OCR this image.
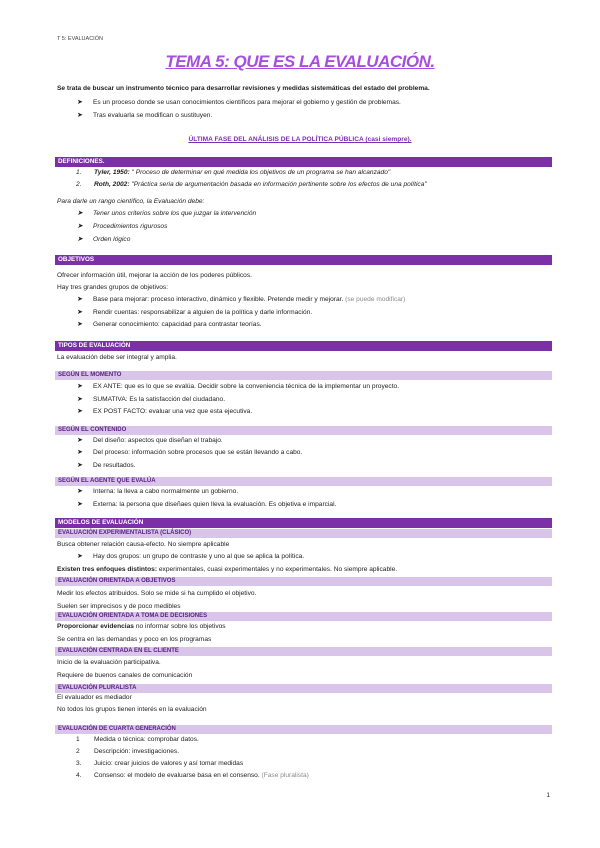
T 5: EVALUACIÓN
TEMA 5: QUE ES LA EVALUACIÓN.
Se trata de buscar un instrumento técnico para desarrollar revisiones y medidas sistemáticas del estado del problema.
➤ Es un proceso donde se usan conocimientos científicos para mejorar el gobierno y gestión de problemas.
➤ Tras evaluarla se modifican o sustituyen.
ÚLTIMA FASE DEL ANÁLISIS DE LA POLÍTICA PÚBLICA (casi siempre).
DEFINICIONES.
1. Tyler, 1950: " Proceso de determinar en qué medida los objetivos de un programa se han alcanzado"
2. Roth, 2002: "Práctica seria de argumentación basada en información pertinente sobre los efectos de una política"
Para darle un rango científico, la Evaluación debe:
➤ Tener unos criterios sobre los que juzgar la intervención
➤ Procedimientos rigurosos
➤ Orden lógico
OBJETIVOS
Ofrecer información útil, mejorar la acción de los poderes públicos.
Hay tres grandes grupos de objetivos:
➤ Base para mejorar: proceso interactivo, dinámico y flexible. Pretende medir y mejorar. (se puede modificar)
➤ Rendir cuentas: responsabilizar a alguien de la política y darle información.
➤ Generar conocimiento: capacidad para contrastar teorías.
TIPOS DE EVALUACIÓN
La evaluación debe ser integral y amplia.
SEGÚN EL MOMENTO
➤ EX ANTE: que es lo que se evalúa. Decidir sobre la conveniencia técnica de la implementar un proyecto.
➤ SUMATIVA: Es la satisfacción del ciudadano.
➤ EX POST FACTO: evaluar una vez que esta ejecutiva.
SEGÚN EL CONTENIDO
➤ Del diseño: aspectos que diseñan el trabajo.
➤ Del proceso: información sobre procesos que se están llevando a cabo.
➤ De resultados.
SEGÚN EL AGENTE QUE EVALÚA
➤ Interna: la lleva a cabo normalmente un gobierno.
➤ Externa: la persona que diseñaes quien lleva la evaluación. Es objetiva e imparcial.
MODELOS DE EVALUACIÓN
EVALUACIÓN EXPERIMENTALISTA (CLÁSICO)
Busca obtener relación causa-efecto. No siempre aplicable
➤ Hay dos grupos: un grupo de contraste y uno al que se aplica la política.
Existen tres enfoques distintos: experimentales, cuasi experimentales y no experimentales. No siempre aplicable.
EVALUACIÓN ORIENTADA A OBJETIVOS
Medir los efectos atribuidos. Solo se mide si ha cumplido el objetivo.
Suelen ser imprecisos y de poco medibles
EVALUACIÓN ORIENTADA A TOMA DE DECISIONES
Proporcionar evidencias no informar sobre los objetivos
Se centra en las demandas y poco en los programas
EVALUACIÓN CENTRADA EN EL CLIENTE
Inicio de la evaluación participativa.
Requiere de buenos canales de comunicación
EVALUACIÓN PLURALISTA
El evaluador es mediador
No todos los grupos tienen interés en la evaluación
EVALUACIÓN DE CUARTA GENERACIÓN
1 Medida o técnica: comprobar datos.
2 Descripción: investigaciones.
3. Juicio: crear juicios de valores y así tomar medidas
4. Consenso: el modelo de evaluarse basa en el consenso. (Fase pluralista)
1
